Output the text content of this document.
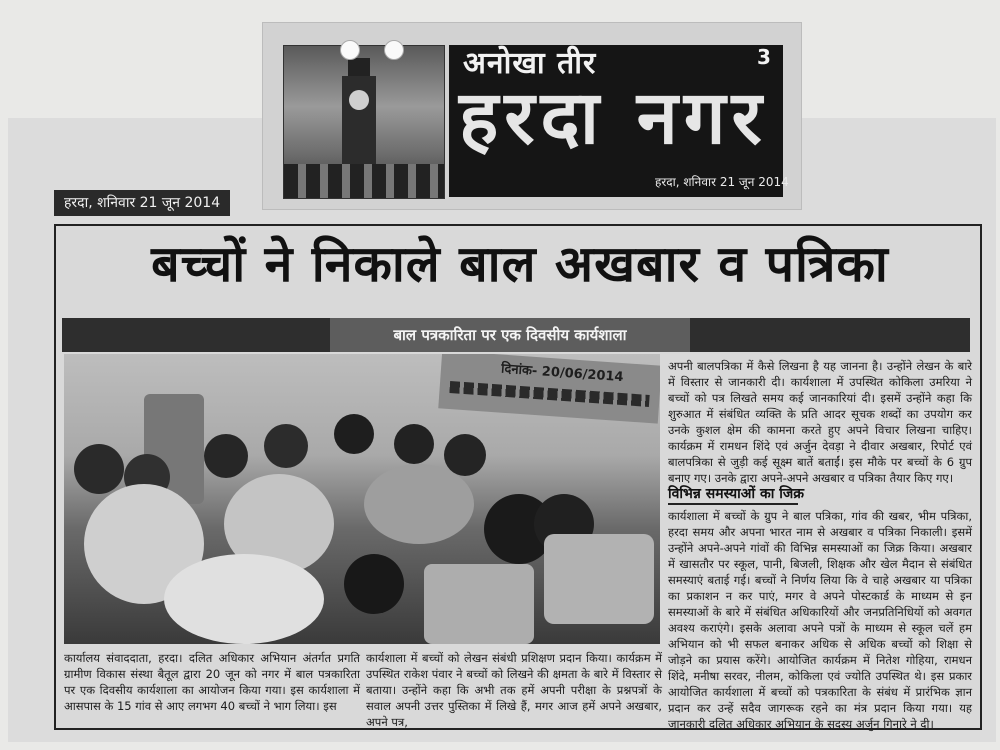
अनोखा तीर	3
हरदा नगर
हरदा, शनिवार 21 जून 2014
हरदा, शनिवार 21 जून 2014
बच्चों ने निकाले बाल अखबार व पत्रिका
बाल पत्रकारिता पर एक दिवसीय कार्यशाला
दिनांक- 20/06/2014	अपनी बालपत्रिका में कैसे लिखना है यह जानना है। उन्होंने लेखन के बारे में विस्तार से जानकारी दी। कार्यशाला में उपस्थित कोकिला उमरिया ने बच्चों को पत्र लिखते समय कई जानकारियां दी। इसमें उन्होंने कहा कि शुरुआत में संबंधित व्यक्ति के प्रति आदर सूचक शब्दों का उपयोग कर उनके कुशल क्षेम की कामना करते हुए अपने विचार लिखना चाहिए। कार्यक्रम में रामधन शिंदे एवं अर्जुन देवड़ा ने दीवार अखबार, रिपोर्ट एवं बालपत्रिका से जुड़ी कई सूक्ष्म बातें बताईं। इस मौके पर बच्चों के 6 ग्रुप बनाए गए। उनके द्वारा अपने-अपने अखबार व पत्रिका तैयार किए गए।
विभिन्न समस्याओं का जिक्र
कार्यशाला में बच्चों के ग्रुप ने बाल पत्रिका, गांव की खबर, भीम पत्रिका, हरदा समय और अपना भारत नाम से अखबार व पत्रिका निकाली। इसमें उन्होंने अपने-अपने गांवों की विभिन्न समस्याओं का जिक्र किया। अखबार में खासतौर पर स्कूल, पानी, बिजली, शिक्षक और खेल मैदान से संबंधित समस्याएं बताई गई। बच्चों ने निर्णय लिया कि वे चाहे अखबार या पत्रिका का प्रकाशन न कर पाएं, मगर वे अपने पोस्टकार्ड के माध्यम से इन समस्याओं के बारे में संबंधित अधिकारियों और जनप्रतिनिधियों को अवगत अवश्य कराएंगे। इसके अलावा अपने पत्रों के माध्यम से स्कूल चलें हम अभियान को भी सफल बनाकर अधिक से अधिक बच्चों को शिक्षा से जोड़ने का प्रयास करेंगे। आयोजित कार्यक्रम में नितेश गोहिया, रामधन शिंदे, मनीषा सरवर, नीलम, कोकिला एवं ज्योति उपस्थित थे। इस प्रकार आयोजित कार्यशाला में बच्चों को पत्रकारिता के संबंध में प्रारंभिक ज्ञान प्रदान कर उन्हें सदैव जागरूक रहने का मंत्र प्रदान किया गया। यह जानकारी दलित अधिकार अभियान के सदस्य अर्जुन गिनारे ने दी।
कार्यालय संवाददाता, हरदा। दलित अधिकार अभियान अंतर्गत प्रगति ग्रामीण विकास संस्था बैतूल द्वारा 20 जून को नगर में बाल पत्रकारिता पर एक दिवसीय कार्यशाला का आयोजन किया गया। इस कार्यशाला में आसपास के 15 गांव से आए लगभग 40 बच्चों ने भाग लिया। इस
कार्यशाला में बच्चों को लेखन संबंधी प्रशिक्षण प्रदान किया। कार्यक्रम में उपस्थित राकेश पंवार ने बच्चों को लिखने की क्षमता के बारे में विस्तार से बताया। उन्होंने कहा कि अभी तक हमें अपनी परीक्षा के प्रश्नपत्रों के सवाल अपनी उत्तर पुस्तिका में लिखे हैं, मगर आज हमें अपने अखबार, अपने पत्र,
